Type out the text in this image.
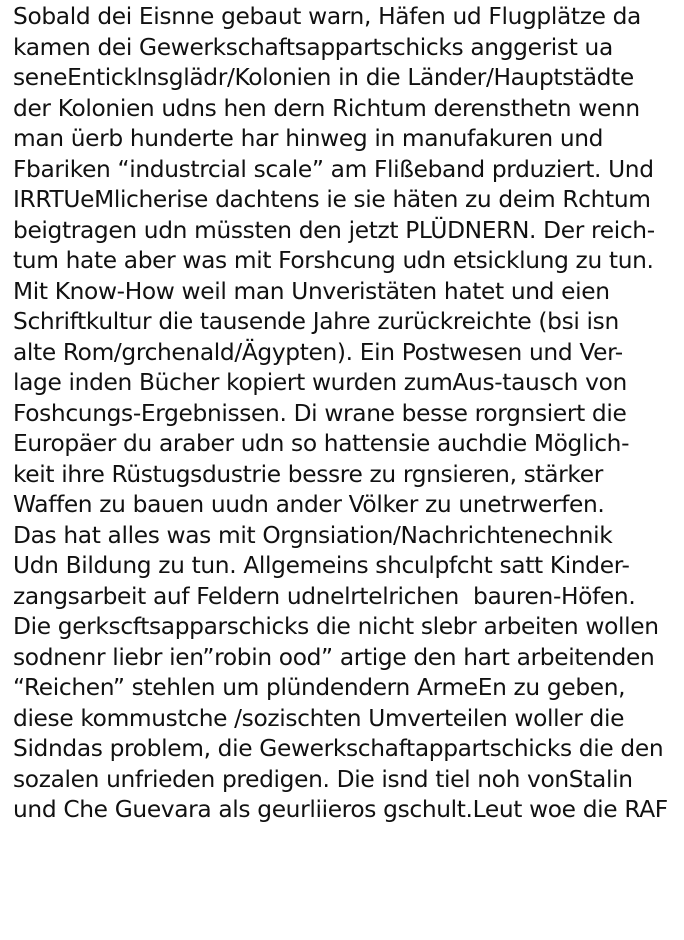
Sobald dei Eisnne gebaut warn, Häfen ud Flugplätze da
kamen dei Gewerkschaftsappartschicks anggerist ua
seneEnticklnsglädr/Kolonien in die Länder/Hauptstädte
der Kolonien udns hen dern Richtum derensthetn wenn
man üerb hunderte har hinweg in manufakuren und
Fbariken “industrcial scale” am Flißeband prduziert. Und
IRRTUeMlicherise dachtens ie sie häten zu deim Rchtum
beigtragen udn müssten den jetzt PLÜDNERN. Der reich-
tum hate aber was mit Forshcung udn etsicklung zu tun.
Mit Know-How weil man Unveristäten hatet und eien
Schriftkultur die tausende Jahre zurückreichte (bsi isn
alte Rom/grchenald/Ägypten). Ein Postwesen und Ver-
lage inden Bücher kopiert wurden zumAus-tausch von
Foshcungs-Ergebnissen. Di wrane besse rorgnsiert die
Europäer du araber udn so hattensie auchdie Möglich-
keit ihre Rüstugsdustrie bessre zu rgnsieren, stärker
Waffen zu bauen uudn ander Völker zu unetrwerfen.
Das hat alles was mit Orgnsiation/Nachrichtenechnik
Udn Bildung zu tun. Allgemeins shculpfcht satt Kinder-
zangsarbeit auf Feldern udnelrtelrichen  bauren-Höfen.
Die gerkscftsapparschicks die nicht slebr arbeiten wollen
sodnenr liebr ien”robin ood” artige den hart arbeitenden
“Reichen” stehlen um plündendern ArmeEn zu geben,
diese kommustche /sozischten Umverteilen woller die
Sidndas problem, die Gewerkschaftappartschicks die den
sozalen unfrieden predigen. Die isnd tiel noh vonStalin
und Che Guevara als geurliieros gschult.Leut woe die RAF
